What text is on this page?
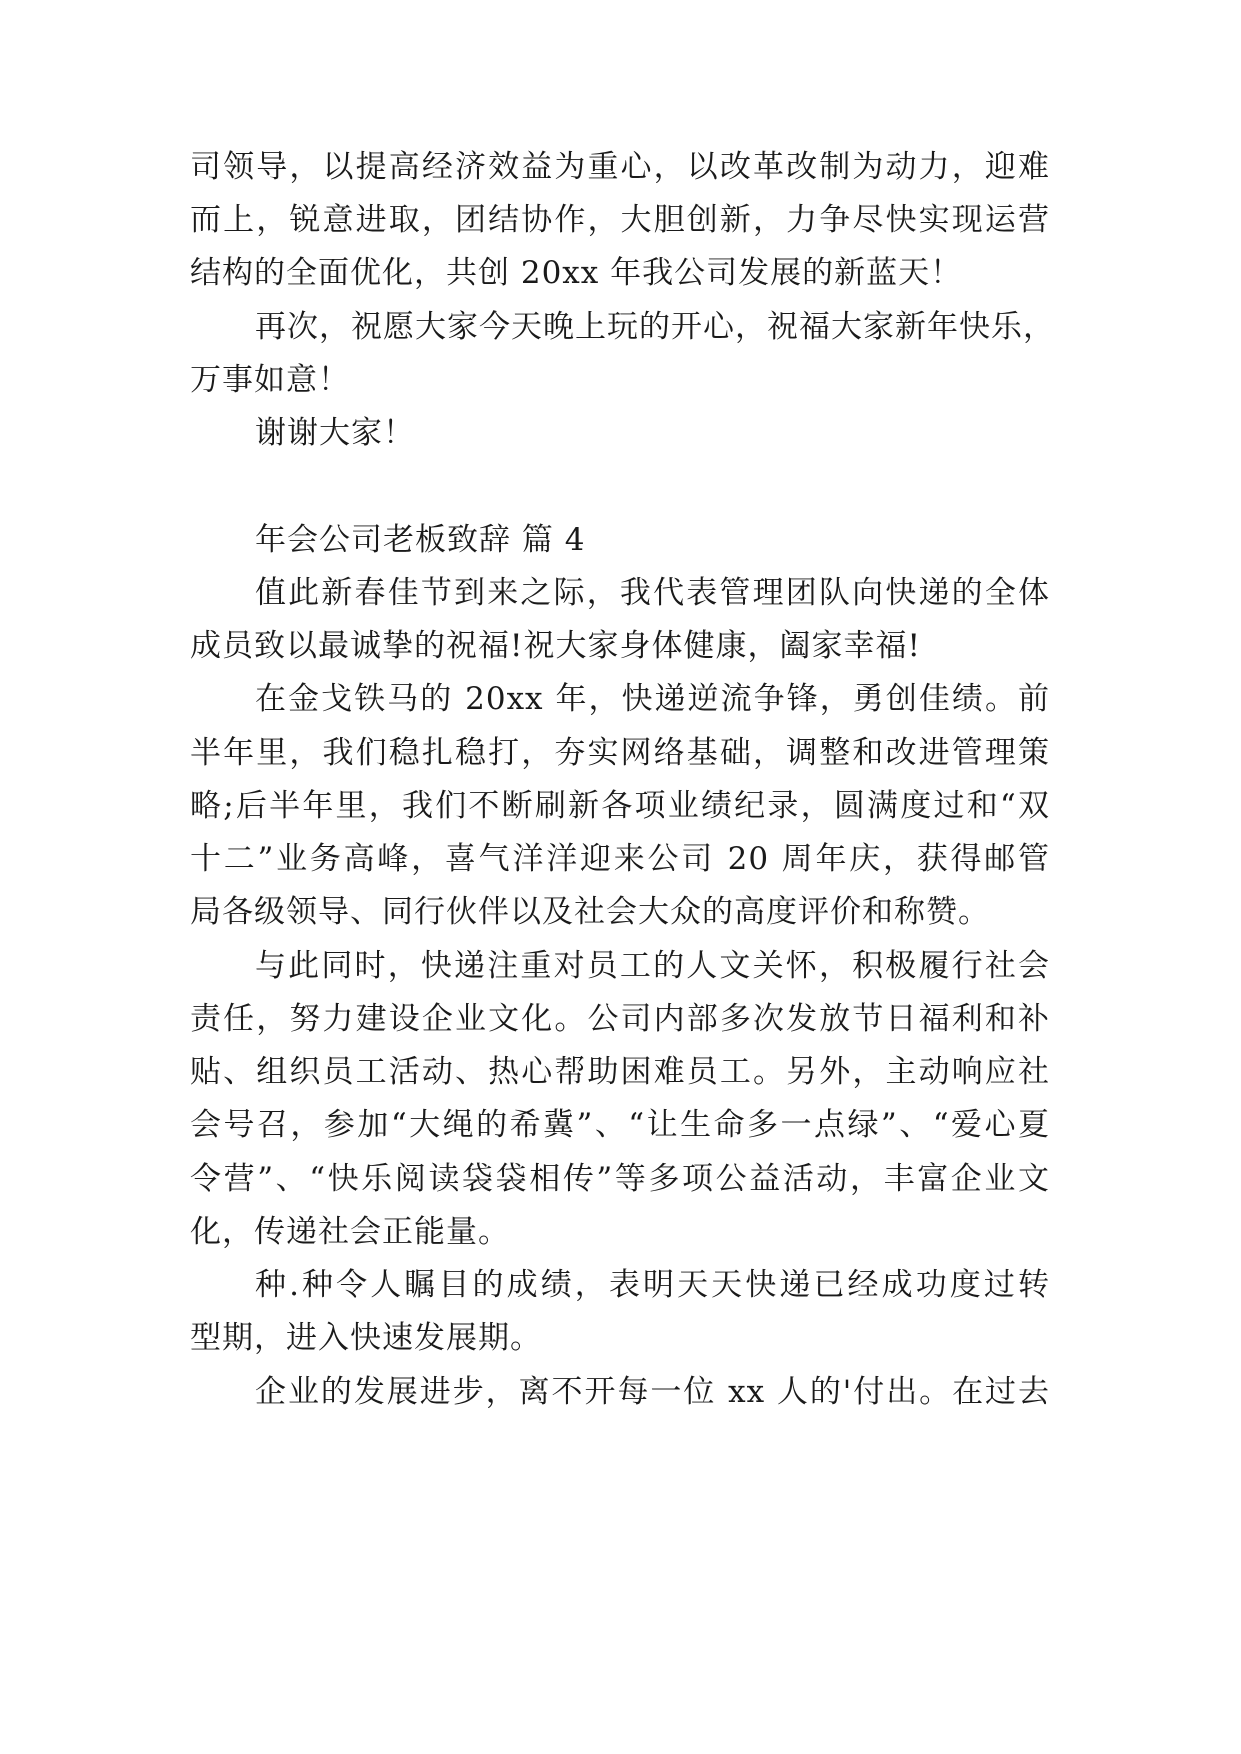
司领导，以提高经济效益为重心，以改革改制为动力，迎难
而上，锐意进取，团结协作，大胆创新，力争尽快实现运营
结构的全面优化，共创 20xx 年我公司发展的新蓝天！
再次，祝愿大家今天晚上玩的开心，祝福大家新年快乐，
万事如意！
谢谢大家！
年会公司老板致辞 篇 4
值此新春佳节到来之际，我代表管理团队向快递的全体
成员致以最诚挚的祝福!祝大家身体健康，阖家幸福!
在金戈铁马的 20xx 年，快递逆流争锋，勇创佳绩。前
半年里，我们稳扎稳打，夯实网络基础，调整和改进管理策
略;后半年里，我们不断刷新各项业绩纪录，圆满度过和“双
十二”业务高峰，喜气洋洋迎来公司 20 周年庆，获得邮管
局各级领导、同行伙伴以及社会大众的高度评价和称赞。
与此同时，快递注重对员工的人文关怀，积极履行社会
责任，努力建设企业文化。公司内部多次发放节日福利和补
贴、组织员工活动、热心帮助困难员工。另外，主动响应社
会号召，参加“大绳的希冀”、“让生命多一点绿”、“爱心夏
令营”、“快乐阅读袋袋相传”等多项公益活动，丰富企业文
化，传递社会正能量。
种.种令人瞩目的成绩，表明天天快递已经成功度过转
型期，进入快速发展期。
企业的发展进步，离不开每一位 xx 人的'付出。在过去
